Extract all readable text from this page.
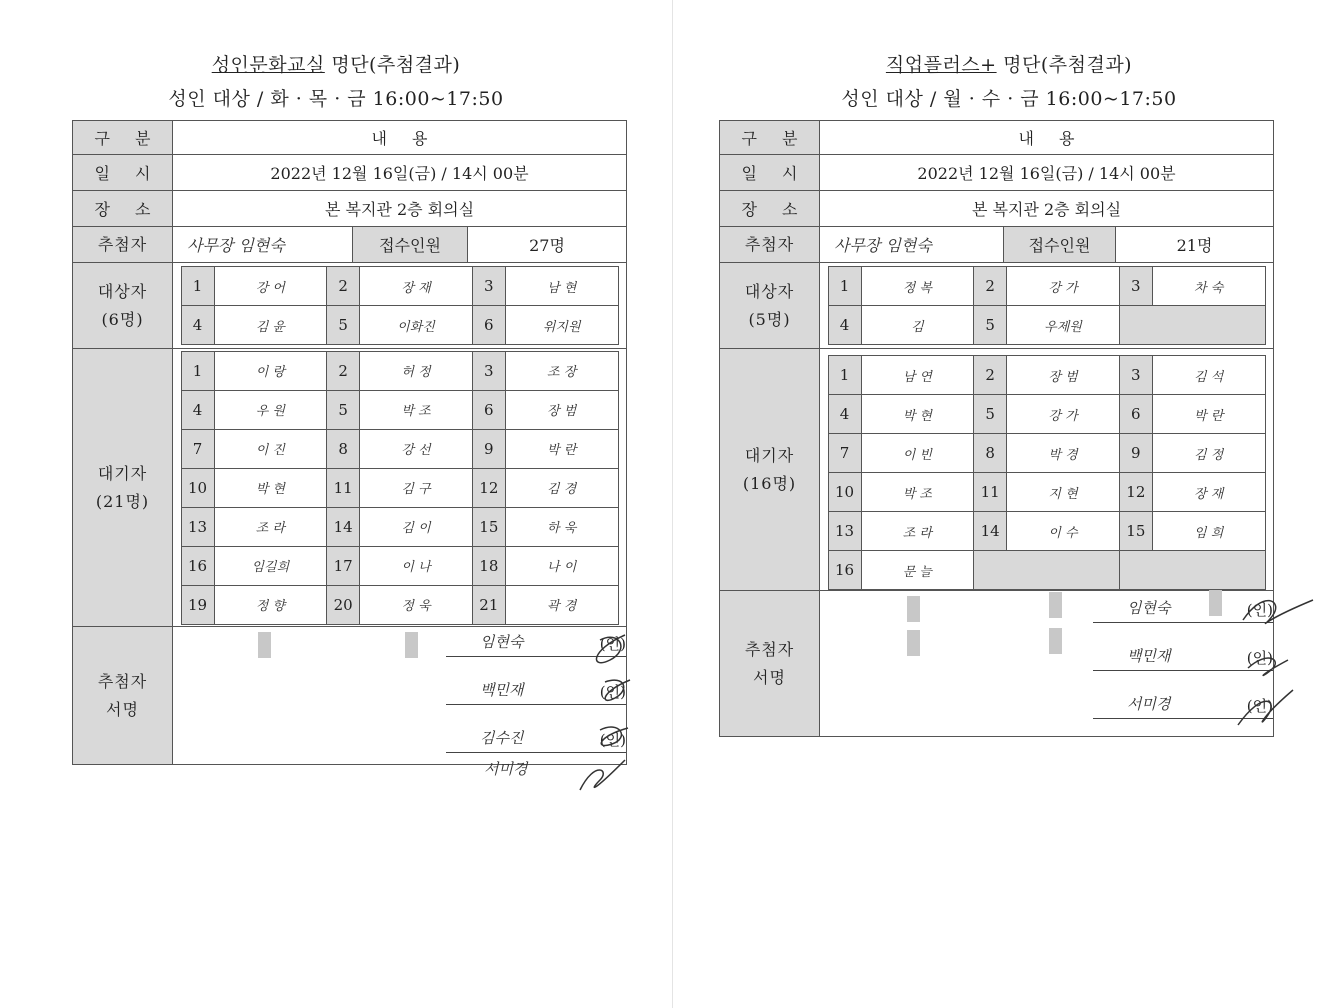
성인문화교실 명단(추첨결과)
성인 대상 / 화 · 목 · 금 16:00~17:50
구 분	내 용
일 시	2022년 12월 16일(금) / 14시 00분
장 소	본 복지관 2층 회의실
추첨자	사무장 임현숙	접수인원	27명

대상자
(6명)

1	강 어	2	장 재	3	남 현
4	김 윤	5	이화진	6	위지원

대기자
(21명)

1	이 랑	2	허 정	3	조 장
4	우 원	5	박 조	6	장 범
7	이 진	8	강 선	9	박 란
10	박 현	11	김 구	12	김 경
13	조 라	14	김 이	15	하 욱
16	임길희	17	이 나	18	나 이
19	정 향	20	정 욱	21	곽 경

추첨자
서명

임현숙	(인)
백민재	(인)
김수진	(인)
서미경
직업플러스+ 명단(추첨결과)
성인 대상 / 월 · 수 · 금 16:00~17:50
구 분	내 용
일 시	2022년 12월 16일(금) / 14시 00분
장 소	본 복지관 2층 회의실
추첨자	사무장 임현숙	접수인원	21명

대상자
(5명)

1	정 복	2	강 가	3	차 숙
4	김	5	우제원	

대기자
(16명)

1	남 연	2	장 범	3	김 석
4	박 현	5	강 가	6	박 란
7	이 빈	8	박 경	9	김 정
10	박 조	11	지 현	12	장 재
13	조 라	14	이 수	15	임 희
16	문 늘		

추첨자
서명

임현숙	(인)
백민재	(인)
서미경	(인)
